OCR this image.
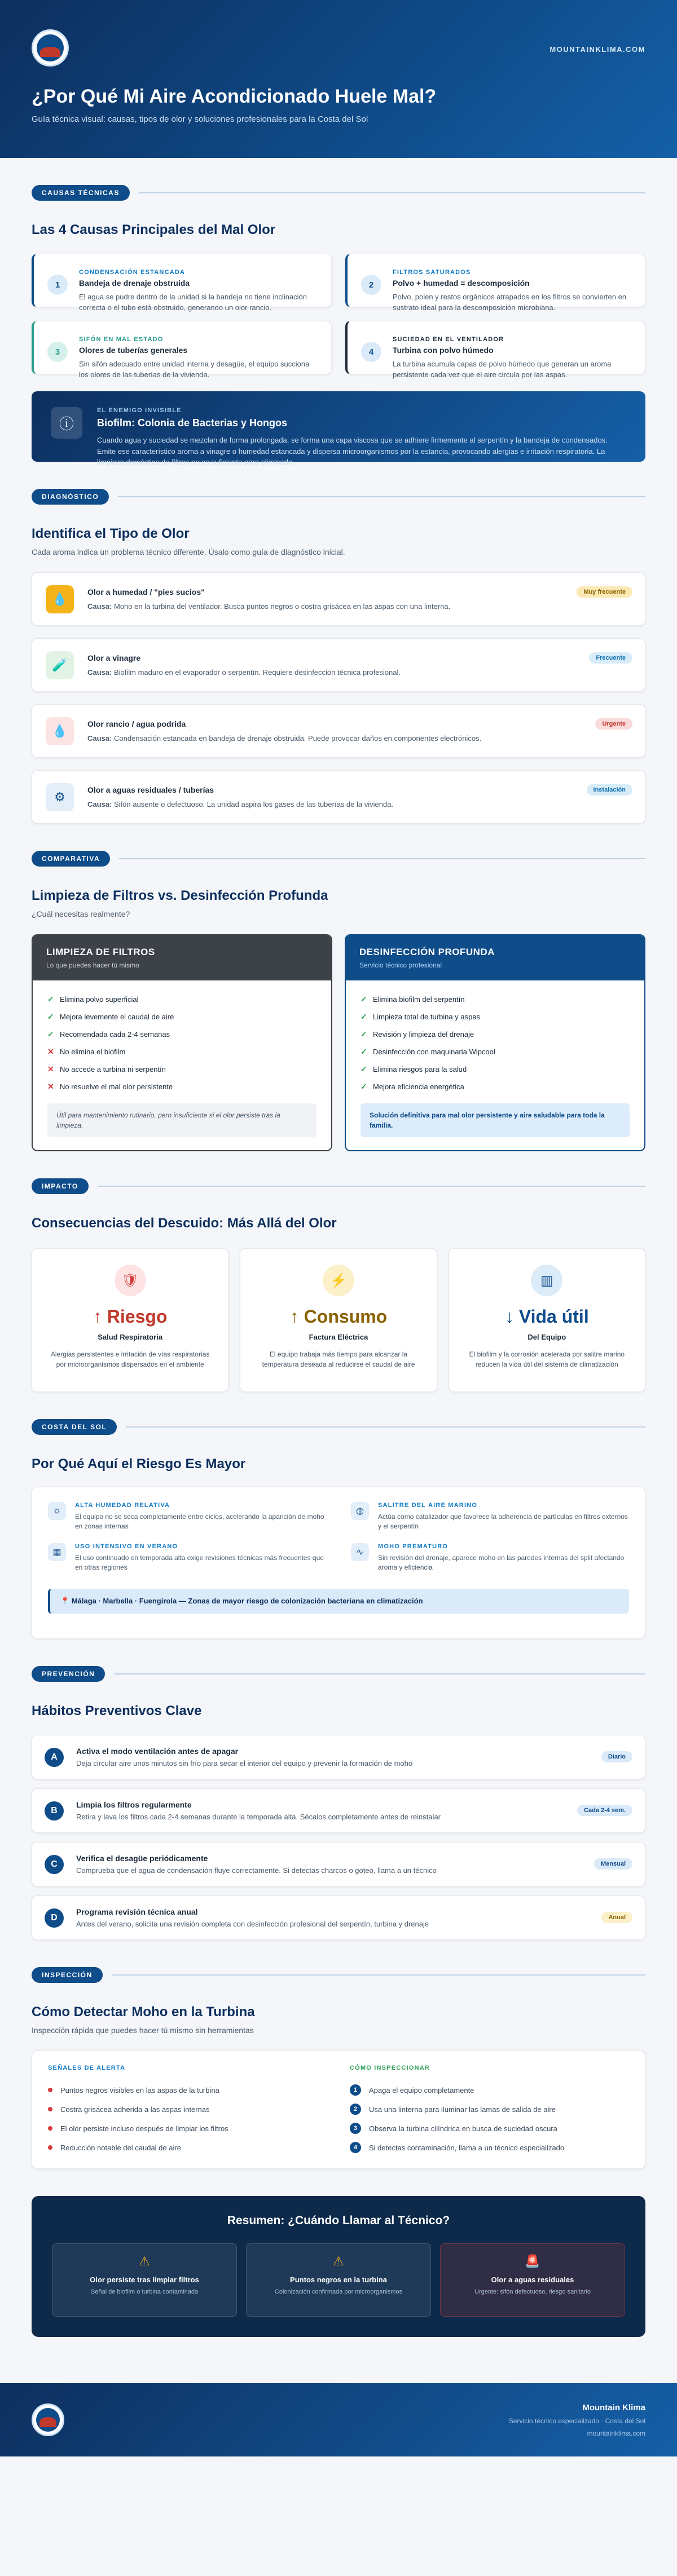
MOUNTAINKLIMA.COM
¿Por Qué Mi Aire Acondicionado Huele Mal?

Guía técnica visual: causas, tipos de olor y soluciones profesionales para la Costa del Sol

CAUSAS TÉCNICAS
Las 4 Causas Principales del Mal Olor
1
CONDENSACIÓN ESTANCADA
Bandeja de drenaje obstruida

El agua se pudre dentro de la unidad si la bandeja no tiene inclinación correcta o el tubo está obstruido, generando un olor rancio.

2
FILTROS SATURADOS
Polvo + humedad = descomposición

Polvo, polen y restos orgánicos atrapados en los filtros se convierten en sustrato ideal para la descomposición microbiana.

3
SIFÓN EN MAL ESTADO
Olores de tuberías generales

Sin sifón adecuado entre unidad interna y desagüe, el equipo succiona los olores de las tuberías de la vivienda.

4
SUCIEDAD EN EL VENTILADOR
Turbina con polvo húmedo

La turbina acumula capas de polvo húmedo que generan un aroma persistente cada vez que el aire circula por las aspas.

ⓘ
EL ENEMIGO INVISIBLE
Biofilm: Colonia de Bacterias y Hongos

Cuando agua y suciedad se mezclan de forma prolongada, se forma una capa viscosa que se adhiere firmemente al serpentín y la bandeja de condensados. Emite ese característico aroma a vinagre o humedad estancada y dispersa microorganismos por la estancia, provocando alergias e irritación respiratoria. La limpieza doméstica de filtros no es suficiente para eliminarlo.

DIAGNÓSTICO
Identifica el Tipo de Olor

Cada aroma indica un problema técnico diferente. Úsalo como guía de diagnóstico inicial.

💧	Olor a humedad / "pies sucios"

Causa: Moho en la turbina del ventilador. Busca puntos negros o costra grisácea en las aspas con una linterna.

Muy frecuente
🧪	Olor a vinagre

Causa: Biofilm maduro en el evaporador o serpentín. Requiere desinfección técnica profesional.

Frecuente
💧	Olor rancio / agua podrida

Causa: Condensación estancada en bandeja de drenaje obstruida. Puede provocar daños en componentes electrónicos.

Urgente
⚙	Olor a aguas residuales / tuberías

Causa: Sifón ausente o defectuoso. La unidad aspira los gases de las tuberías de la vivienda.

Instalación
COMPARATIVA
Limpieza de Filtros vs. Desinfección Profunda

¿Cuál necesitas realmente?

LIMPIEZA DE FILTROS

Lo que puedes hacer tú mismo

✓ Elimina polvo superficial
✓ Mejora levemente el caudal de aire
✓ Recomendada cada 2-4 semanas
✕ No elimina el biofilm
✕ No accede a turbina ni serpentín
✕ No resuelve el mal olor persistente
Útil para mantenimiento rutinario, pero insuficiente si el olor persiste tras la limpieza.
DESINFECCIÓN PROFUNDA

Servicio técnico profesional

✓ Elimina biofilm del serpentín
✓ Limpieza total de turbina y aspas
✓ Revisión y limpieza del drenaje
✓ Desinfección con maquinaria Wipcool
✓ Elimina riesgos para la salud
✓ Mejora eficiencia energética
Solución definitiva para mal olor persistente y aire saludable para toda la familia.
IMPACTO
Consecuencias del Descuido: Más Allá del Olor
🛡
↑ Riesgo
Salud Respiratoria

Alergias persistentes e irritación de vías respiratorias por microorganismos dispersados en el ambiente

⚡
↑ Consumo
Factura Eléctrica

El equipo trabaja más tiempo para alcanzar la temperatura deseada al reducirse el caudal de aire

▥
↓ Vida útil
Del Equipo

El biofilm y la corrosión acelerada por salitre marino reducen la vida útil del sistema de climatización

COSTA DEL SOL
Por Qué Aquí el Riesgo Es Mayor
☼
ALTA HUMEDAD RELATIVA

El equipo no se seca completamente entre ciclos, acelerando la aparición de moho en zonas internas

◍
SALITRE DEL AIRE MARINO

Actúa como catalizador que favorece la adherencia de partículas en filtros externos y el serpentín

▦
USO INTENSIVO EN VERANO

El uso continuado en temporada alta exige revisiones técnicas más frecuentes que en otras regiones

∿
MOHO PREMATURO

Sin revisión del drenaje, aparece moho en las paredes internas del split afectando aroma y eficiencia

📍 Málaga · Marbella · Fuengirola — Zonas de mayor riesgo de colonización bacteriana en climatización
PREVENCIÓN
Hábitos Preventivos Clave
A
Activa el modo ventilación antes de apagar

Deja circular aire unos minutos sin frío para secar el interior del equipo y prevenir la formación de moho

Diario
B
Limpia los filtros regularmente

Retira y lava los filtros cada 2-4 semanas durante la temporada alta. Sécalos completamente antes de reinstalar

Cada 2-4 sem.
C
Verifica el desagüe periódicamente

Comprueba que el agua de condensación fluye correctamente. Si detectas charcos o goteo, llama a un técnico

Mensual
D
Programa revisión técnica anual

Antes del verano, solicita una revisión completa con desinfección profesional del serpentín, turbina y drenaje

Anual
INSPECCIÓN
Cómo Detectar Moho en la Turbina

Inspección rápida que puedes hacer tú mismo sin herramientas

SEÑALES DE ALERTA
Puntos negros visibles en las aspas de la turbina
Costra grisácea adherida a las aspas internas
El olor persiste incluso después de limpiar los filtros
Reducción notable del caudal de aire
CÓMO INSPECCIONAR
1	Apaga el equipo completamente
2	Usa una linterna para iluminar las lamas de salida de aire
3	Observa la turbina cilíndrica en busca de suciedad oscura
4	Si detectas contaminación, llama a un técnico especializado
Resumen: ¿Cuándo Llamar al Técnico?
⚠
Olor persiste tras limpiar filtros

Señal de biofilm o turbina contaminada

⚠
Puntos negros en la turbina

Colonización confirmada por microorganismos

🚨
Olor a aguas residuales

Urgente: sifón defectuoso, riesgo sanitario

Mountain Klima

Servicio técnico especializado · Costa del Sol

mountainklima.com
